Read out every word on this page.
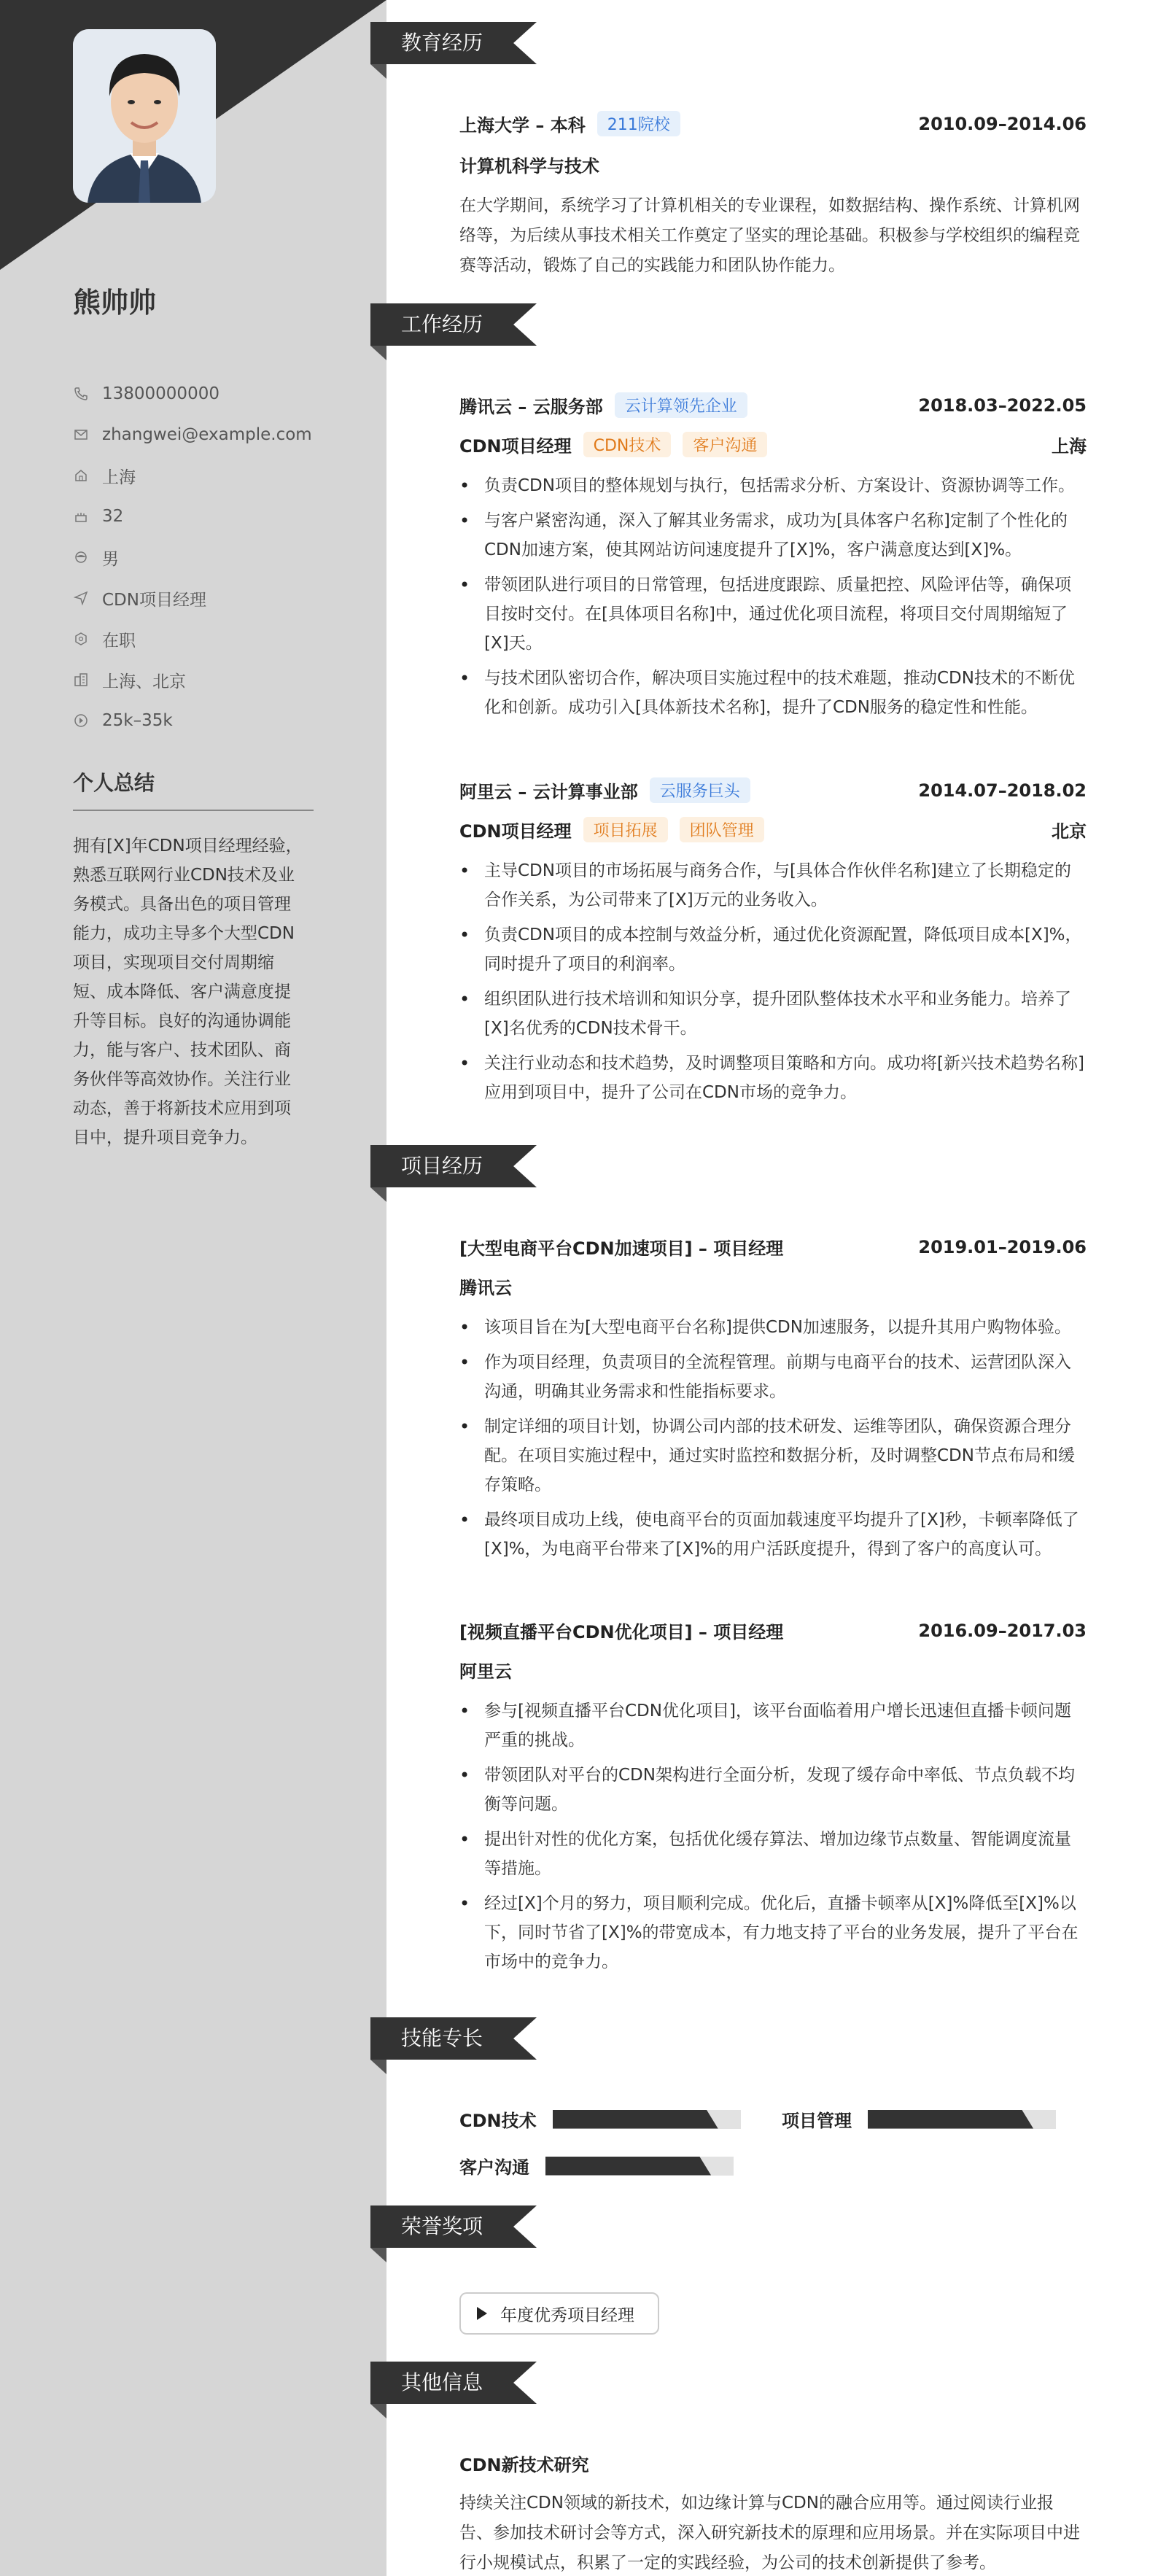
熊帅帅
13800000000
zhangwei@example.com
上海
32
男
CDN项目经理
在职
上海、北京
25k–35k
个人总结
拥有[X]年CDN项目经理经验，熟悉互联网行业CDN技术及业务模式。具备出色的项目管理能力，成功主导多个大型CDN项目，实现项目交付周期缩短、成本降低、客户满意度提升等目标。良好的沟通协调能力，能与客户、技术团队、商务伙伴等高效协作。关注行业动态，善于将新技术应用到项目中，提升项目竞争力。
教育经历
上海大学 – 本科	211院校	2010.09–2014.06
计算机科学与技术
在大学期间，系统学习了计算机相关的专业课程，如数据结构、操作系统、计算机网络等，为后续从事技术相关工作奠定了坚实的理论基础。积极参与学校组织的编程竞赛等活动，锻炼了自己的实践能力和团队协作能力。
工作经历
腾讯云 – 云服务部	云计算领先企业	2018.03–2022.05
CDN项目经理	CDN技术	客户沟通	上海
• 负责CDN项目的整体规划与执行，包括需求分析、方案设计、资源协调等工作。
• 与客户紧密沟通，深入了解其业务需求，成功为[具体客户名称]定制了个性化的CDN加速方案，使其网站访问速度提升了[X]%，客户满意度达到[X]%。
• 带领团队进行项目的日常管理，包括进度跟踪、质量把控、风险评估等，确保项目按时交付。在[具体项目名称]中，通过优化项目流程，将项目交付周期缩短了[X]天。
• 与技术团队密切合作，解决项目实施过程中的技术难题，推动CDN技术的不断优化和创新。成功引入[具体新技术名称]，提升了CDN服务的稳定性和性能。
阿里云 – 云计算事业部	云服务巨头	2014.07–2018.02
CDN项目经理	项目拓展	团队管理	北京
• 主导CDN项目的市场拓展与商务合作，与[具体合作伙伴名称]建立了长期稳定的合作关系，为公司带来了[X]万元的业务收入。
• 负责CDN项目的成本控制与效益分析，通过优化资源配置，降低项目成本[X]%，同时提升了项目的利润率。
• 组织团队进行技术培训和知识分享，提升团队整体技术水平和业务能力。培养了[X]名优秀的CDN技术骨干。
• 关注行业动态和技术趋势，及时调整项目策略和方向。成功将[新兴技术趋势名称]应用到项目中，提升了公司在CDN市场的竞争力。
项目经历
[大型电商平台CDN加速项目] – 项目经理	2019.01–2019.06
腾讯云
• 该项目旨在为[大型电商平台名称]提供CDN加速服务，以提升其用户购物体验。
• 作为项目经理，负责项目的全流程管理。前期与电商平台的技术、运营团队深入沟通，明确其业务需求和性能指标要求。
• 制定详细的项目计划，协调公司内部的技术研发、运维等团队，确保资源合理分配。在项目实施过程中，通过实时监控和数据分析，及时调整CDN节点布局和缓存策略。
• 最终项目成功上线，使电商平台的页面加载速度平均提升了[X]秒，卡顿率降低了[X]%，为电商平台带来了[X]%的用户活跃度提升，得到了客户的高度认可。
[视频直播平台CDN优化项目] – 项目经理	2016.09–2017.03
阿里云
• 参与[视频直播平台CDN优化项目]，该平台面临着用户增长迅速但直播卡顿问题严重的挑战。
• 带领团队对平台的CDN架构进行全面分析，发现了缓存命中率低、节点负载不均衡等问题。
• 提出针对性的优化方案，包括优化缓存算法、增加边缘节点数量、智能调度流量等措施。
• 经过[X]个月的努力，项目顺利完成。优化后，直播卡顿率从[X]%降低至[X]%以下，同时节省了[X]%的带宽成本，有力地支持了平台的业务发展，提升了平台在市场中的竞争力。
技能专长
CDN技术	项目管理
客户沟通
荣誉奖项
年度优秀项目经理
其他信息
CDN新技术研究
持续关注CDN领域的新技术，如边缘计算与CDN的融合应用等。通过阅读行业报告、参加技术研讨会等方式，深入研究新技术的原理和应用场景。并在实际项目中进行小规模试点，积累了一定的实践经验，为公司的技术创新提供了参考。
